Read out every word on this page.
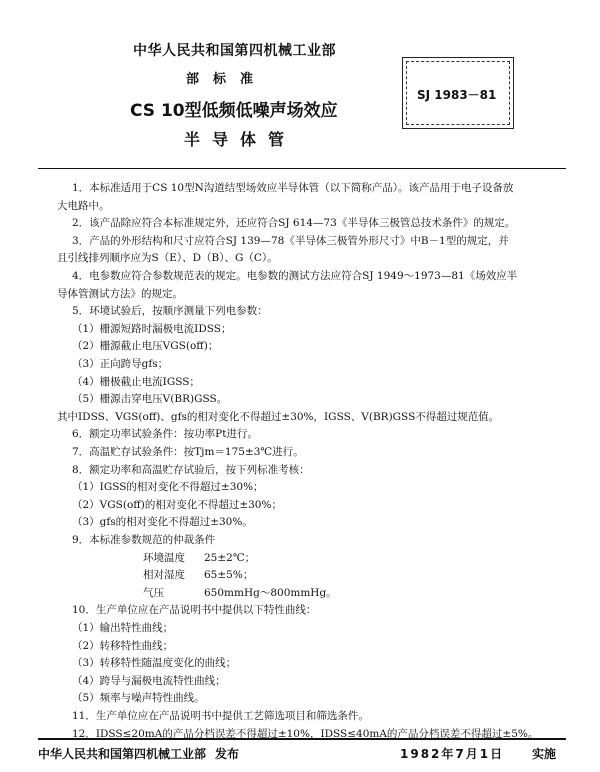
中华人民共和国第四机械工业部
部标准
CS 10型低频低噪声场效应
半导体管
SJ 1983－81
1．本标准适用于CS 10型N沟道结型场效应半导体管（以下简称产品）。该产品用于电子设备放
大电路中。
2．该产品除应符合本标准规定外，还应符合SJ 614—73《半导体三极管总技术条件》的规定。
3．产品的外形结构和尺寸应符合SJ 139—78《半导体三极管外形尺寸》中B－1型的规定，并
且引线排列顺序应为S（E）、D（B）、G（C）。
4．电参数应符合参数规范表的规定。电参数的测试方法应符合SJ 1949～1973—81《场效应半
导体管测试方法》的规定。
5．环境试验后，按顺序测量下列电参数：
（1）栅源短路时漏极电流IDSS；
（2）栅源截止电压VGS(off)；
（3）正向跨导gfs；
（4）栅极截止电流IGSS；
（5）栅源击穿电压V(BR)GSS。
其中IDSS、VGS(off)、gfs的相对变化不得超过±30%，IGSS、V(BR)GSS不得超过规范值。
6．额定功率试验条件：按功率Pt进行。
7．高温贮存试验条件：按Tjm＝175±3℃进行。
8．额定功率和高温贮存试验后，按下列标准考核：
（1）IGSS的相对变化不得超过±30%；
（2）VGS(off)的相对变化不得超过±30%；
（3）gfs的相对变化不得超过±30%。
9．本标准参数规范的仲裁条件
环境温度 25±2℃；
相对湿度 65±5%；
气压	650mmHg～800mmHg。
10．生产单位应在产品说明书中提供以下特性曲线：
（1）输出特性曲线；
（2）转移特性曲线；
（3）转移特性随温度变化的曲线；
（4）跨导与漏极电流特性曲线；
（5）频率与噪声特性曲线。
11．生产单位应在产品说明书中提供工艺筛选项目和筛选条件。
12．IDSS≤20mA的产品分档误差不得超过±10%，IDSS≤40mA的产品分档误差不得超过±5%。
中华人民共和国第四机械工业部 发布	1982年7月1日 实施
